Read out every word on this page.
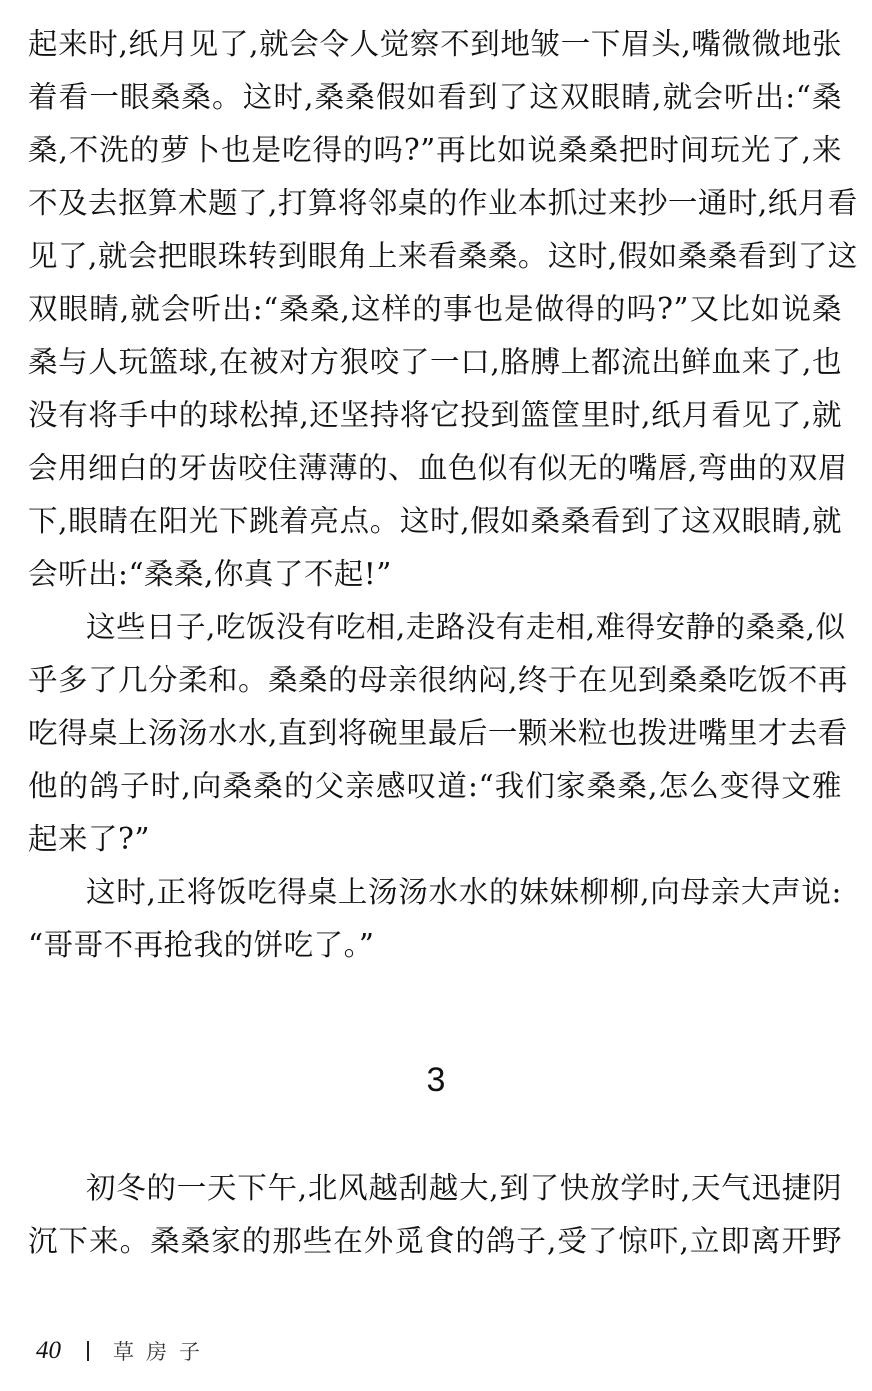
起来时,纸月见了,就会令人觉察不到地皱一下眉头,嘴微微地张
着看一眼桑桑。这时,桑桑假如看到了这双眼睛,就会听出:“桑
桑,不洗的萝卜也是吃得的吗?”再比如说桑桑把时间玩光了,来
不及去抠算术题了,打算将邻桌的作业本抓过来抄一通时,纸月看
见了,就会把眼珠转到眼角上来看桑桑。这时,假如桑桑看到了这
双眼睛,就会听出:“桑桑,这样的事也是做得的吗?”又比如说桑
桑与人玩篮球,在被对方狠咬了一口,胳膊上都流出鲜血来了,也
没有将手中的球松掉,还坚持将它投到篮筐里时,纸月看见了,就
会用细白的牙齿咬住薄薄的、血色似有似无的嘴唇,弯曲的双眉
下,眼睛在阳光下跳着亮点。这时,假如桑桑看到了这双眼睛,就
会听出:“桑桑,你真了不起!”
这些日子,吃饭没有吃相,走路没有走相,难得安静的桑桑,似
乎多了几分柔和。桑桑的母亲很纳闷,终于在见到桑桑吃饭不再
吃得桌上汤汤水水,直到将碗里最后一颗米粒也拨进嘴里才去看
他的鸽子时,向桑桑的父亲感叹道:“我们家桑桑,怎么变得文雅
起来了?”
这时,正将饭吃得桌上汤汤水水的妹妹柳柳,向母亲大声说:
“哥哥不再抢我的饼吃了。”
3
初冬的一天下午,北风越刮越大,到了快放学时,天气迅捷阴
沉下来。桑桑家的那些在外觅食的鸽子,受了惊吓,立即离开野
40 草房子
